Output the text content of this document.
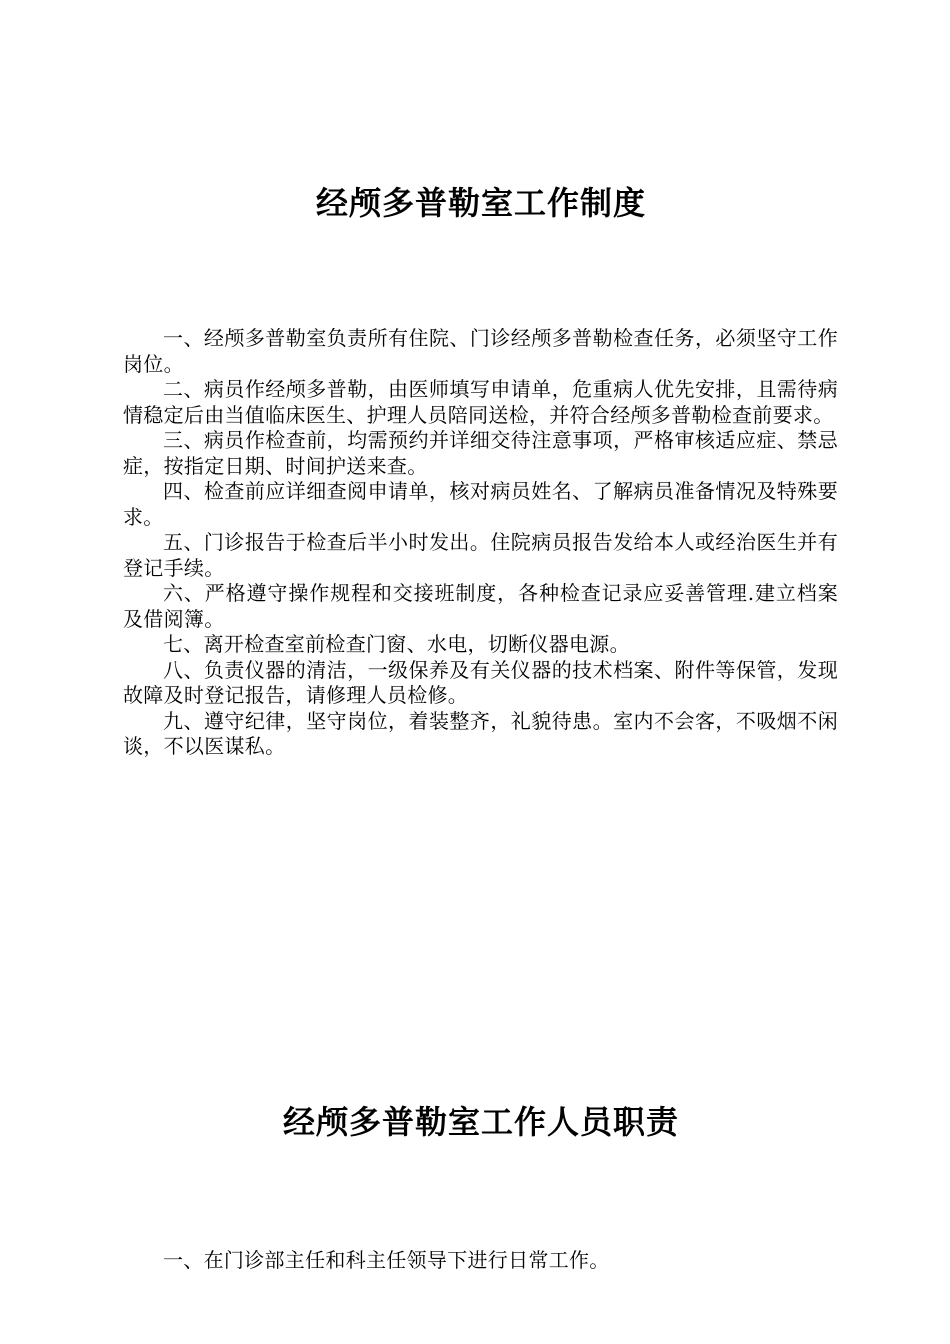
经颅多普勒室工作制度

一、经颅多普勒室负责所有住院、门诊经颅多普勒检查任务，必须坚守工作岗位。

二、病员作经颅多普勒，由医师填写申请单，危重病人优先安排，且需待病情稳定后由当值临床医生、护理人员陪同送检，并符合经颅多普勒检查前要求。

三、病员作检查前，均需预约并详细交待注意事项，严格审核适应症、禁忌症，按指定日期、时间护送来查。

四、检查前应详细查阅申请单，核对病员姓名、了解病员准备情况及特殊要求。

五、门诊报告于检查后半小时发出。住院病员报告发给本人或经治医生并有登记手续。

六、严格遵守操作规程和交接班制度，各种检查记录应妥善管理.建立档案及借阅簿。

七、离开检查室前检查门窗、水电，切断仪器电源。

八、负责仪器的清洁，一级保养及有关仪器的技术档案、附件等保管，发现故障及时登记报告，请修理人员检修。

九、遵守纪律，坚守岗位，着装整齐，礼貌待患。室内不会客，不吸烟不闲谈，不以医谋私。

经颅多普勒室工作人员职责

一、在门诊部主任和科主任领导下进行日常工作。
